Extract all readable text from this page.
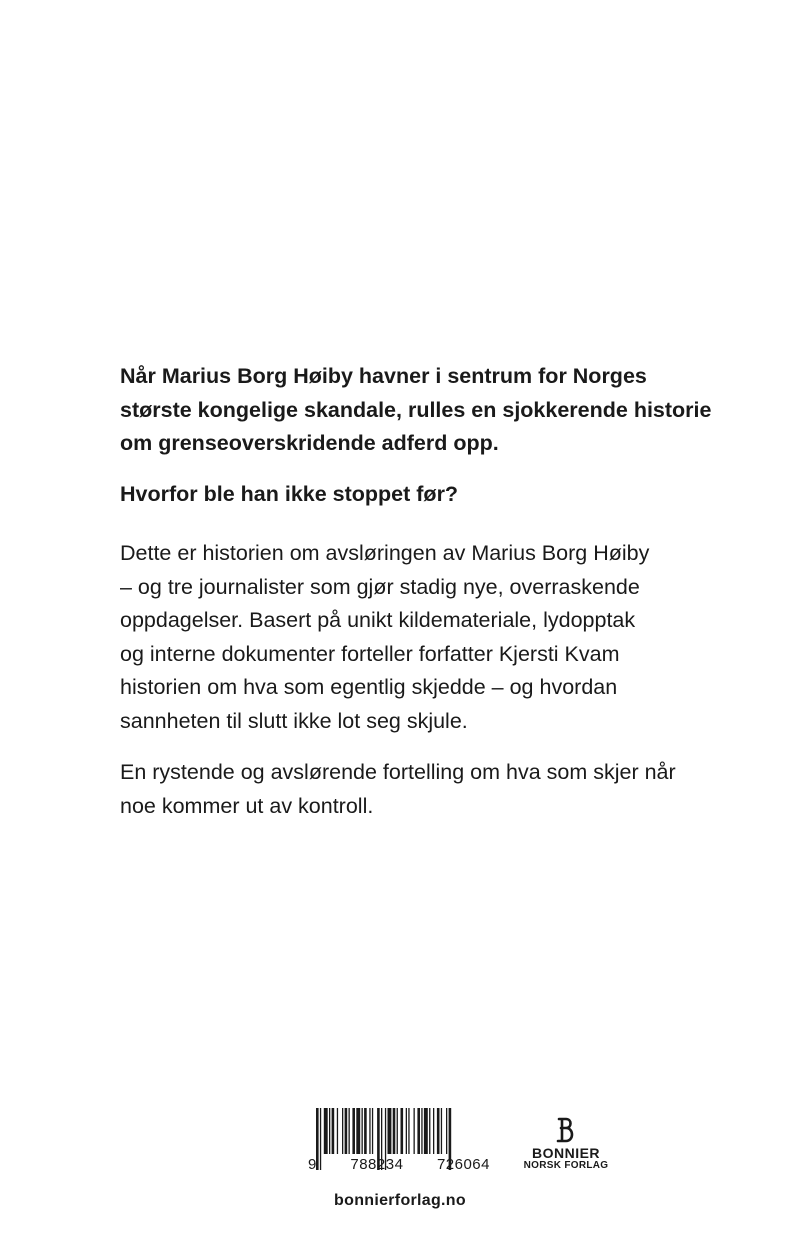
Når Marius Borg Høiby havner i sentrum for Norges
største kongelige skandale, rulles en sjokkerende historie
om grenseoverskridende adferd opp.
Hvorfor ble han ikke stoppet før?
Dette er historien om avsløringen av Marius Borg Høiby
– og tre journalister som gjør stadig nye, overraskende
oppdagelser. Basert på unikt kildemateriale, lydopptak
og interne dokumenter forteller forfatter Kjersti Kvam
historien om hva som egentlig skjedde – og hvordan
sannheten til slutt ikke lot seg skjule.
En rystende og avslørende fortelling om hva som skjer når
noe kommer ut av kontroll.
9 788234 726064
BONNIER
NORSK FORLAG
bonnierforlag.no
